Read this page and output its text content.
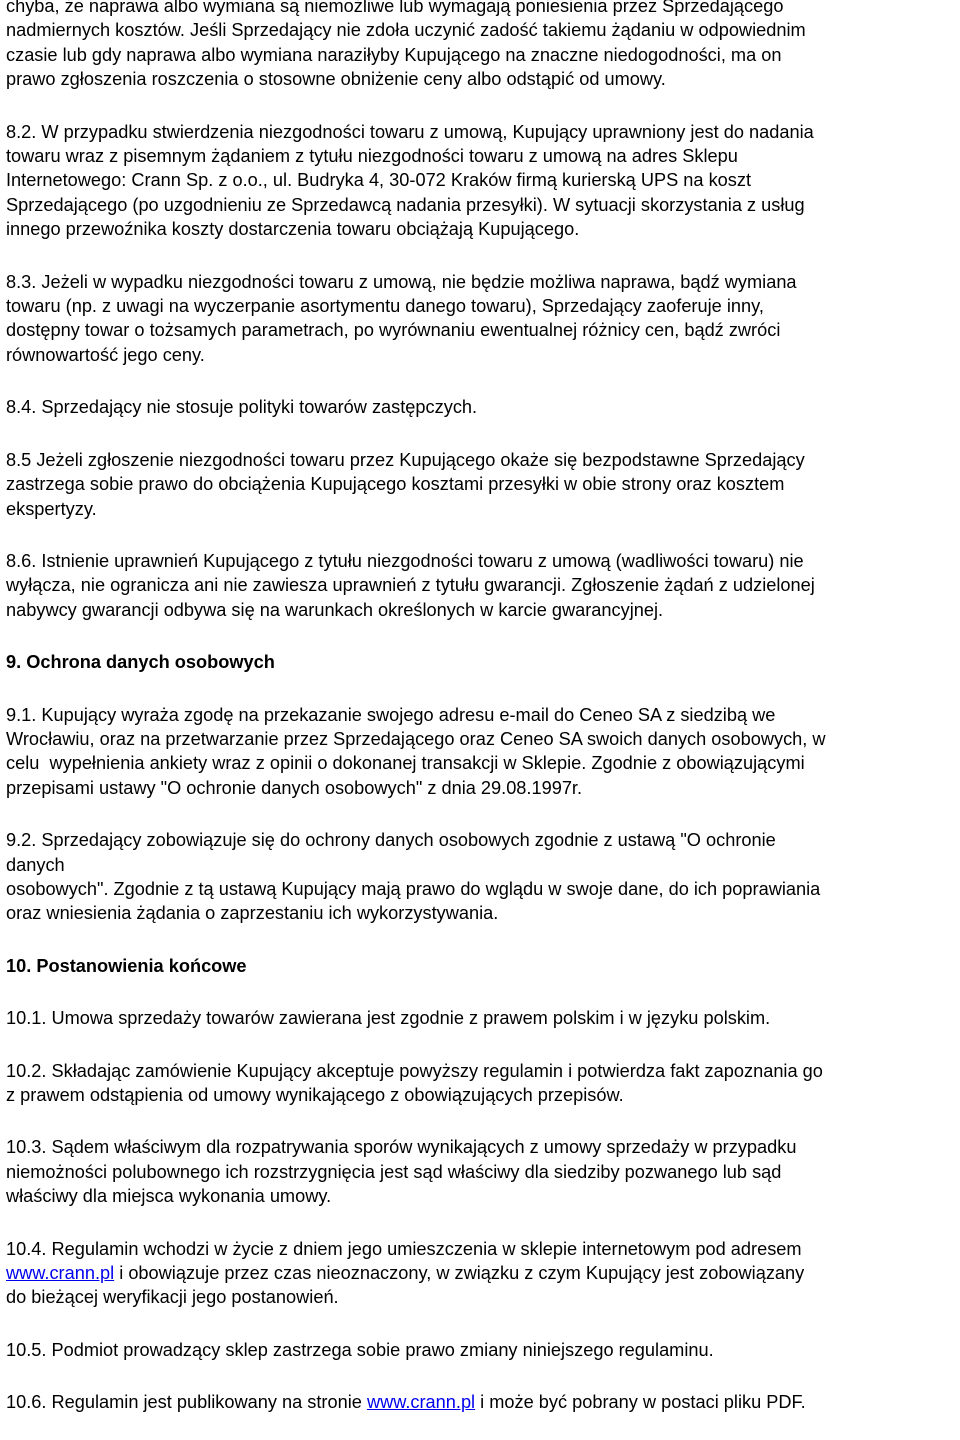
chyba, że naprawa albo wymiana są niemożliwe lub wymagają poniesienia przez Sprzedającego
nadmiernych kosztów. Jeśli Sprzedający nie zdoła uczynić zadość takiemu żądaniu w odpowiednim
czasie lub gdy naprawa albo wymiana naraziłyby Kupującego na znaczne niedogodności, ma on
prawo zgłoszenia roszczenia o stosowne obniżenie ceny albo odstąpić od umowy.

8.2. W przypadku stwierdzenia niezgodności towaru z umową, Kupujący uprawniony jest do nadania
towaru wraz z pisemnym żądaniem z tytułu niezgodności towaru z umową na adres Sklepu
Internetowego: Crann Sp. z o.o., ul. Budryka 4, 30-072 Kraków firmą kurierską UPS na koszt
Sprzedającego (po uzgodnieniu ze Sprzedawcą nadania przesyłki). W sytuacji skorzystania z usług
innego przewoźnika koszty dostarczenia towaru obciążają Kupującego.

8.3. Jeżeli w wypadku niezgodności towaru z umową, nie będzie możliwa naprawa, bądź wymiana
towaru (np. z uwagi na wyczerpanie asortymentu danego towaru), Sprzedający zaoferuje inny,
dostępny towar o tożsamych parametrach, po wyrównaniu ewentualnej różnicy cen, bądź zwróci
równowartość jego ceny.

8.4. Sprzedający nie stosuje polityki towarów zastępczych.

8.5 Jeżeli zgłoszenie niezgodności towaru przez Kupującego okaże się bezpodstawne Sprzedający
zastrzega sobie prawo do obciążenia Kupującego kosztami przesyłki w obie strony oraz kosztem
ekspertyzy.

8.6. Istnienie uprawnień Kupującego z tytułu niezgodności towaru z umową (wadliwości towaru) nie
wyłącza, nie ogranicza ani nie zawiesza uprawnień z tytułu gwarancji. Zgłoszenie żądań z udzielonej
nabywcy gwarancji odbywa się na warunkach określonych w karcie gwarancyjnej.

9. Ochrona danych osobowych

9.1. Kupujący wyraża zgodę na przekazanie swojego adresu e-mail do Ceneo SA z siedzibą we
Wrocławiu, oraz na przetwarzanie przez Sprzedającego oraz Ceneo SA swoich danych osobowych, w
celu  wypełnienia ankiety wraz z opinii o dokonanej transakcji w Sklepie. Zgodnie z obowiązującymi
przepisami ustawy "O ochronie danych osobowych" z dnia 29.08.1997r.

9.2. Sprzedający zobowiązuje się do ochrony danych osobowych zgodnie z ustawą "O ochronie
danych
osobowych". Zgodnie z tą ustawą Kupujący mają prawo do wglądu w swoje dane, do ich poprawiania
oraz wniesienia żądania o zaprzestaniu ich wykorzystywania.

10. Postanowienia końcowe

10.1. Umowa sprzedaży towarów zawierana jest zgodnie z prawem polskim i w języku polskim.

10.2. Składając zamówienie Kupujący akceptuje powyższy regulamin i potwierdza fakt zapoznania go
z prawem odstąpienia od umowy wynikającego z obowiązujących przepisów.

10.3. Sądem właściwym dla rozpatrywania sporów wynikających z umowy sprzedaży w przypadku
niemożności polubownego ich rozstrzygnięcia jest sąd właściwy dla siedziby pozwanego lub sąd
właściwy dla miejsca wykonania umowy.

10.4. Regulamin wchodzi w życie z dniem jego umieszczenia w sklepie internetowym pod adresem
www.crann.pl i obowiązuje przez czas nieoznaczony, w związku z czym Kupujący jest zobowiązany
do bieżącej weryfikacji jego postanowień.

10.5. Podmiot prowadzący sklep zastrzega sobie prawo zmiany niniejszego regulaminu.

10.6. Regulamin jest publikowany na stronie www.crann.pl i może być pobrany w postaci pliku PDF.
